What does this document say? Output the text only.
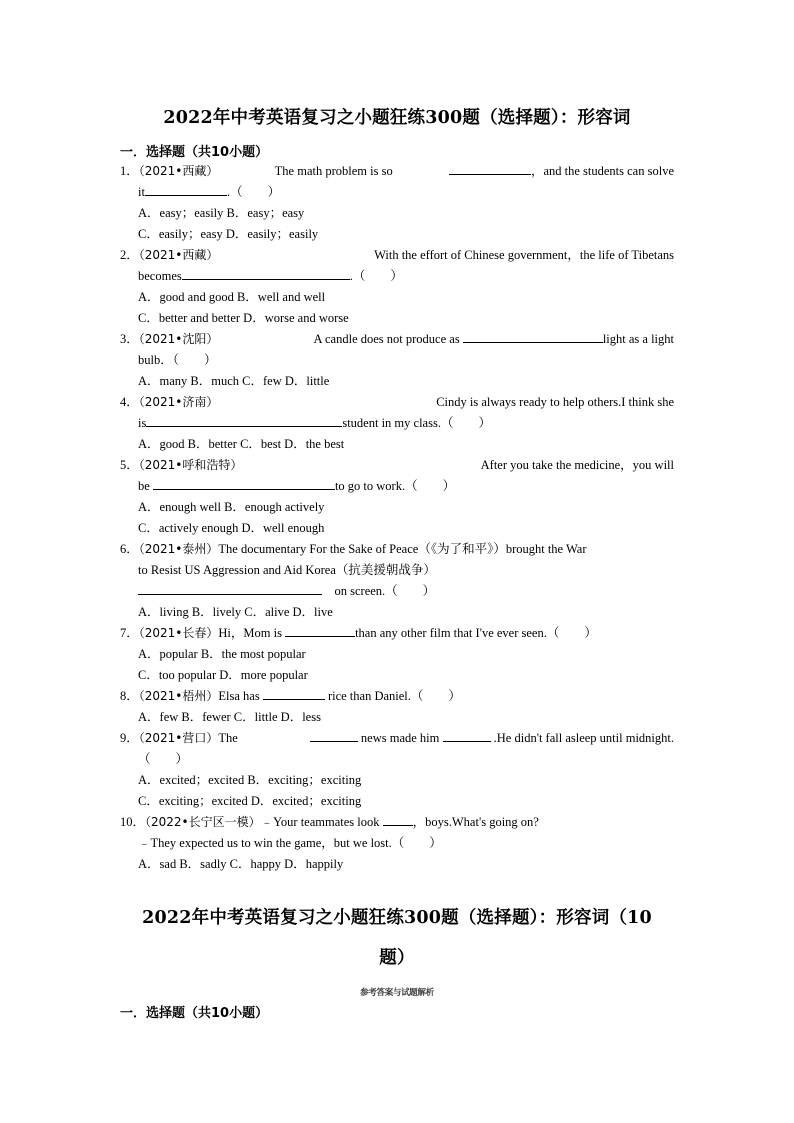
2022年中考英语复习之小题狂练300题（选择题）：形容词
一．选择题（共10小题）
1．（2021•西藏）	The math problem is so	，and the students can solve
it	.（　　）
A．easy；easily B．easy；easy
C．easily；easy D．easily；easily
2．（2021•西藏）	With the effort of Chinese government，the life of Tibetans
becomes	.（　　）
A．good and good B．well and well
C．better and better D．worse and worse
3．（2021•沈阳）	A candle does not produce as	light as a light
bulb．（　　）
A．many B．much C．few D．little
4．（2021•济南）	Cindy is always ready to help others.I think she
is	student in my class.（　　）
A．good B．better C．best D．the best
5．（2021•呼和浩特）	After you take the medicine，you will
be	to go to work.（　　）
A．enough well B．enough actively
C．actively enough D．well enough
6．（2021•泰州）The documentary For the Sake of Peace（《为了和平》）brought the War
to Resist US Aggression and Aid Korea（抗美援朝战争）
　on screen.（　　）
A．living B．lively C．alive D．live
7．（2021•长春）Hi，Mom is	than any other film that I've ever seen.（　　）
A．popular B．the most popular
C．too popular D．more popular
8．（2021•梧州）Elsa has	rice than Daniel.（　　）
A．few B．fewer C．little D．less
9．（2021•营口）The	news made him	.He didn't fall asleep until midnight.
（　　）
A．excited；excited B．exciting；exciting
C．exciting；excited D．excited；exciting
10．（2022•长宁区一模）﹣Your teammates look	，boys.What's going on?
﹣They expected us to win the game，but we lost.（　　）
A．sad B．sadly C．happy D．happily
2022年中考英语复习之小题狂练300题（选择题）：形容词（10
题）
参考答案与试题解析
一．选择题（共10小题）
